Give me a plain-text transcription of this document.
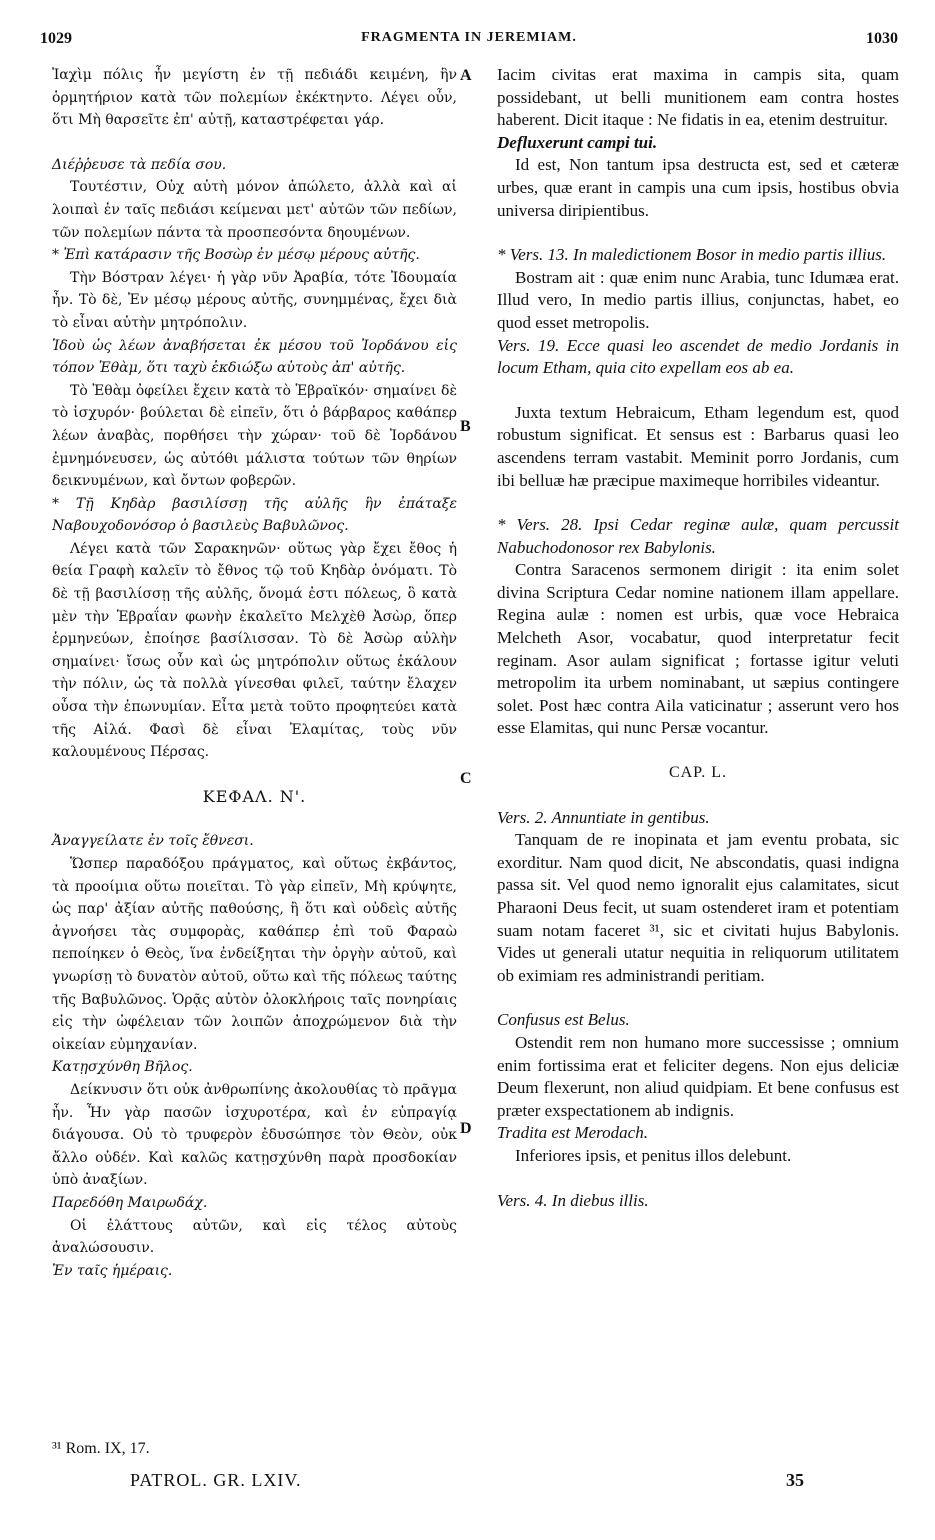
1029	FRAGMENTA IN JEREMIAM.	1030

Ἰαχὶμ πόλις ἦν μεγίστη ἐν τῇ πεδιάδι κειμένη, ἣν ὁρμητήριον κατὰ τῶν πολεμίων ἐκέκτηντο. Λέγει οὖν, ὅτι Μὴ θαρσεῖτε ἐπ' αὐτῇ, καταστρέφεται γάρ.

Διέῤῥευσε τὰ πεδία σου.

Τουτέστιν, Οὐχ αὐτὴ μόνον ἀπώλετο, ἀλλὰ καὶ αἱ λοιπαὶ ἐν ταῖς πεδιάσι κείμεναι μετ' αὐτῶν τῶν πεδίων, τῶν πολεμίων πάντα τὰ προσπεσόντα δηουμένων.

* Ἐπὶ κατάρασιν τῆς Βοσὼρ ἐν μέσῳ μέρους αὐτῆς.

Τὴν Βόστραν λέγει· ἡ γὰρ νῦν Ἀραβία, τότε Ἰδουμαία ἦν. Τὸ δὲ, Ἐν μέσῳ μέρους αὐτῆς, συνημμένας, ἔχει διὰ τὸ εἶναι αὐτὴν μητρόπολιν.

Ἰδοὺ ὡς λέων ἀναβήσεται ἐκ μέσου τοῦ Ἰορδάνου εἰς τόπον Ἐθὰμ, ὅτι ταχὺ ἐκδιώξω αὐτοὺς ἀπ' αὐτῆς.

Τὸ Ἐθὰμ ὀφείλει ἔχειν κατὰ τὸ Ἑβραϊκόν· σημαίνει δὲ τὸ ἰσχυρόν· βούλεται δὲ εἰπεῖν, ὅτι ὁ βάρβαρος καθάπερ λέων ἀναβὰς, πορθήσει τὴν χώραν· τοῦ δὲ Ἰορδάνου ἐμνημόνευσεν, ὡς αὐτόθι μάλιστα τούτων τῶν θηρίων δεικνυμένων, καὶ ὄντων φοβερῶν.

* Τῇ Κηδὰρ βασιλίσσῃ τῆς αὐλῆς ἣν ἐπάταξε Ναβουχοδονόσορ ὁ βασιλεὺς Βαβυλῶνος.

Λέγει κατὰ τῶν Σαρακηνῶν· οὕτως γὰρ ἔχει ἔθος ἡ θεία Γραφὴ καλεῖν τὸ ἔθνος τῷ τοῦ Κηδὰρ ὀνόματι. Τὸ δὲ τῇ βασιλίσσῃ τῆς αὐλῆς, ὄνομά ἐστι πόλεως, ὃ κατὰ μὲν τὴν Ἑβραΐαν φωνὴν ἐκαλεῖτο Μελχὲθ Ἀσὼρ, ὅπερ ἑρμηνεύων, ἐποίησε βασίλισσαν. Τὸ δὲ Ἀσὼρ αὐλὴν σημαίνει· ἴσως οὖν καὶ ὡς μητρόπολιν οὕτως ἐκάλουν τὴν πόλιν, ὡς τὰ πολλὰ γίνεσθαι φιλεῖ, ταύτην ἔλαχεν οὖσα τὴν ἐπωνυμίαν. Εἶτα μετὰ τοῦτο προφητεύει κατὰ τῆς Αἰλά. Φασὶ δὲ εἶναι Ἐλαμίτας, τοὺς νῦν καλουμένους Πέρσας.

ΚΕΦΑΛ. Ν'.

Ἀναγγείλατε ἐν τοῖς ἔθνεσι.

Ὥσπερ παραδόξου πράγματος, καὶ οὕτως ἐκβάντος, τὰ προοίμια οὕτω ποιεῖται. Τὸ γὰρ εἰπεῖν, Μὴ κρύψητε, ὡς παρ' ἀξίαν αὐτῆς παθούσης, ἢ ὅτι καὶ οὐδεὶς αὐτῆς ἀγνοήσει τὰς συμφορὰς, καθάπερ ἐπὶ τοῦ Φαραὼ πεποίηκεν ὁ Θεὸς, ἵνα ἐνδείξηται τὴν ὀργὴν αὐτοῦ, καὶ γνωρίσῃ τὸ δυνατὸν αὐτοῦ, οὕτω καὶ τῆς πόλεως ταύτης τῆς Βαβυλῶνος. Ὁρᾷς αὐτὸν ὁλοκλήροις ταῖς πονηρίαις εἰς τὴν ὠφέλειαν τῶν λοιπῶν ἀποχρώμενον διὰ τὴν οἰκείαν εὐμηχανίαν.

Κατῃσχύνθη Βῆλος.

Δείκνυσιν ὅτι οὐκ ἀνθρωπίνης ἀκολουθίας τὸ πρᾶγμα ἦν. Ἦν γὰρ πασῶν ἰσχυροτέρα, καὶ ἐν εὐπραγίᾳ διάγουσα. Οὐ τὸ τρυφερὸν ἐδυσώπησε τὸν Θεὸν, οὐκ ἄλλο οὐδέν. Καὶ καλῶς κατῃσχύνθη παρὰ προσδοκίαν ὑπὸ ἀναξίων.

Παρεδόθη Μαιρωδάχ.

Οἱ ἐλάττους αὐτῶν, καὶ εἰς τέλος αὐτοὺς ἀναλώσουσιν.

Ἐν ταῖς ἡμέραις.

A
B
C
D

Iacim civitas erat maxima in campis sita, quam possidebant, ut belli munitionem eam contra hostes haberent. Dicit itaque : Ne fidatis in ea, etenim destruitur.

Defluxerunt campi tui.

Id est, Non tantum ipsa destructa est, sed et cæteræ urbes, quæ erant in campis una cum ipsis, hostibus obvia universa diripientibus.

* Vers. 13. In maledictionem Bosor in medio partis illius.

Bostram ait : quæ enim nunc Arabia, tunc Idumæa erat. Illud vero, In medio partis illius, conjunctas, habet, eo quod esset metropolis.

Vers. 19. Ecce quasi leo ascendet de medio Jordanis in locum Etham, quia cito expellam eos ab ea.

Juxta textum Hebraicum, Etham legendum est, quod robustum significat. Et sensus est : Barbarus quasi leo ascendens terram vastabit. Meminit porro Jordanis, cum ibi belluæ hæ præcipue maximeque horribiles videantur.

* Vers. 28. Ipsi Cedar reginæ aulæ, quam percussit Nabuchodonosor rex Babylonis.

Contra Saracenos sermonem dirigit : ita enim solet divina Scriptura Cedar nomine nationem illam appellare. Regina aulæ : nomen est urbis, quæ voce Hebraica Melcheth Asor, vocabatur, quod interpretatur fecit reginam. Asor aulam significat ; fortasse igitur veluti metropolim ita urbem nominabant, ut sæpius contingere solet. Post hæc contra Aila vaticinatur ; asserunt vero hos esse Elamitas, qui nunc Persæ vocantur.

CAP. L.

Vers. 2. Annuntiate in gentibus.

Tanquam de re inopinata et jam eventu probata, sic exorditur. Nam quod dicit, Ne abscondatis, quasi indigna passa sit. Vel quod nemo ignoralit ejus calamitates, sicut Pharaoni Deus fecit, ut suam ostenderet iram et potentiam suam notam faceret ³¹, sic et civitati hujus Babylonis. Vides ut generali utatur nequitia in reliquorum utilitatem ob eximiam res administrandi peritiam.

Confusus est Belus.

Ostendit rem non humano more successisse ; omnium enim fortissima erat et feliciter degens. Non ejus deliciæ Deum flexerunt, non aliud quidpiam. Et bene confusus est præter exspectationem ab indignis.

Tradita est Merodach.

Inferiores ipsis, et penitus illos delebunt.

Vers. 4. In diebus illis.

³¹ Rom. IX, 17.
PATROL. GR. LXIV.	35
